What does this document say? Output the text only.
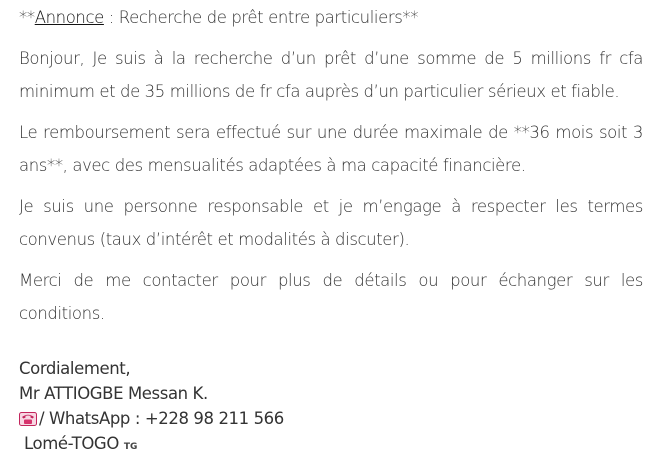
**Annonce : Recherche de prêt entre particuliers**

Bonjour, Je suis à la recherche d’un prêt d’une somme de 5 millions fr cfa minimum et de 35 millions de fr cfa auprès d’un particulier sérieux et fiable.

Le remboursement sera effectué sur une durée maximale de **36 mois soit 3 ans**, avec des mensualités adaptées à ma capacité financière.

Je suis une personne responsable et je m’engage à respecter les termes convenus (taux d’intérêt et modalités à discuter).

Merci de me contacter pour plus de détails ou pour échanger sur les conditions.

Cordialement,
Mr ATTIOGBE Messan K.
/ WhatsApp : +228 98 211 566
Lomé-TOGO TG
